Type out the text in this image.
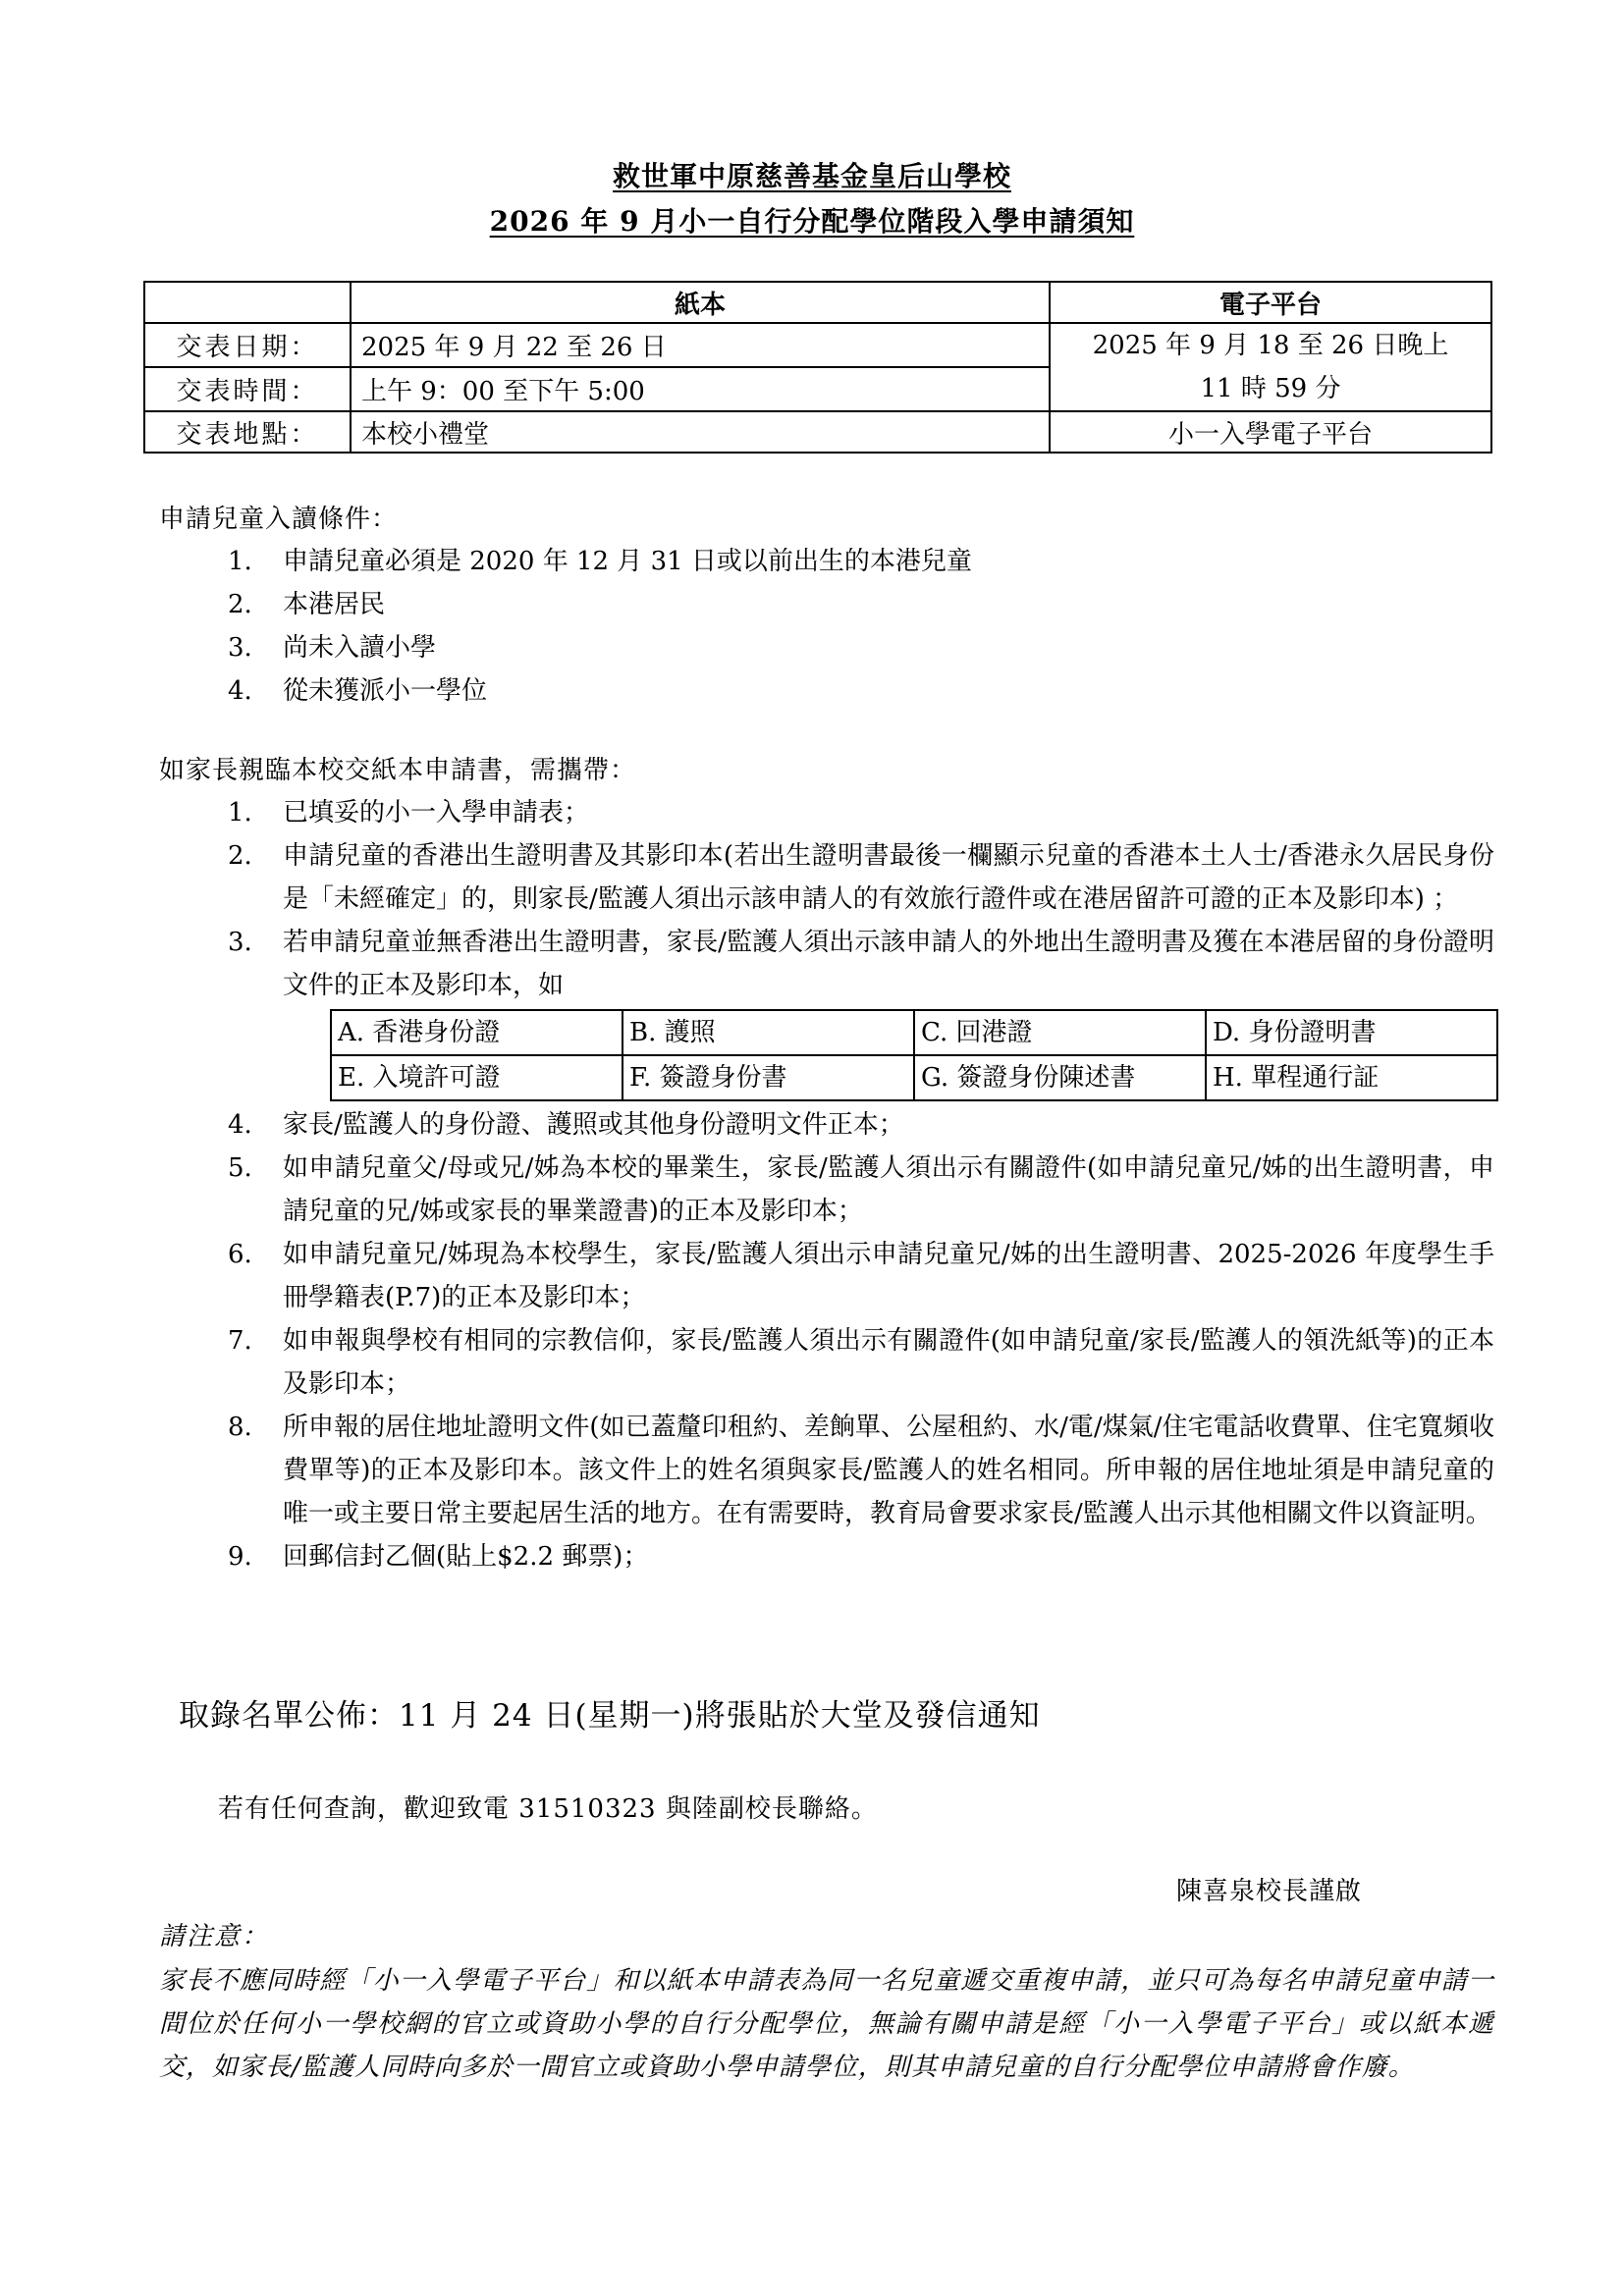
救世軍中原慈善基金皇后山學校
2026 年 9 月小一自行分配學位階段入學申請須知
	紙本	電子平台
交表日期：	2025 年 9 月 22 至 26 日	2025 年 9 月 18 至 26 日晚上
11 時 59 分

交表時間：	上午 9：00 至下午 5:00	
交表地點：	本校小禮堂	小一入學電子平台
申請兒童入讀條件：
1. 申請兒童必須是 2020 年 12 月 31 日或以前出生的本港兒童
2. 本港居民
3. 尚未入讀小學
4. 從未獲派小一學位
如家長親臨本校交紙本申請書，需攜帶：
1. 已填妥的小一入學申請表；
2. 申請兒童的香港出生證明書及其影印本(若出生證明書最後一欄顯示兒童的香港本土人士/香港永久居民身份是「未經確定」的，則家長/監護人須出示該申請人的有效旅行證件或在港居留許可證的正本及影印本) ；
3. 若申請兒童並無香港出生證明書，家長/監護人須出示該申請人的外地出生證明書及獲在本港居留的身份證明文件的正本及影印本，如
A. 香港身份證	B. 護照	C. 回港證	D. 身份證明書
E. 入境許可證	F. 簽證身份書	G. 簽證身份陳述書	H. 單程通行証
4. 家長/監護人的身份證、護照或其他身份證明文件正本；
5. 如申請兒童父/母或兄/姊為本校的畢業生，家長/監護人須出示有關證件(如申請兒童兄/姊的出生證明書，申請兒童的兄/姊或家長的畢業證書)的正本及影印本；
6. 如申請兒童兄/姊現為本校學生，家長/監護人須出示申請兒童兄/姊的出生證明書、2025-2026 年度學生手冊學籍表(P.7)的正本及影印本；
7. 如申報與學校有相同的宗教信仰，家長/監護人須出示有關證件(如申請兒童/家長/監護人的領洗紙等)的正本及影印本；
8. 所申報的居住地址證明文件(如已蓋釐印租約、差餉單、公屋租約、水/電/煤氣/住宅電話收費單、住宅寬頻收費單等)的正本及影印本。該文件上的姓名須與家長/監護人的姓名相同。所申報的居住地址須是申請兒童的唯一或主要日常主要起居生活的地方。在有需要時，教育局會要求家長/監護人出示其他相關文件以資証明。
9. 回郵信封乙個(貼上$2.2 郵票)；
取錄名單公佈：11 月 24 日(星期一)將張貼於大堂及發信通知
若有任何查詢，歡迎致電 31510323 與陸副校長聯絡。
陳喜泉校長謹啟
請注意：
家長不應同時經「小一入學電子平台」和以紙本申請表為同一名兒童遞交重複申請，並只可為每名申請兒童申請一間位於任何小一學校網的官立或資助小學的自行分配學位，無論有關申請是經「小一入學電子平台」或以紙本遞交，如家長/監護人同時向多於一間官立或資助小學申請學位，則其申請兒童的自行分配學位申請將會作廢。
